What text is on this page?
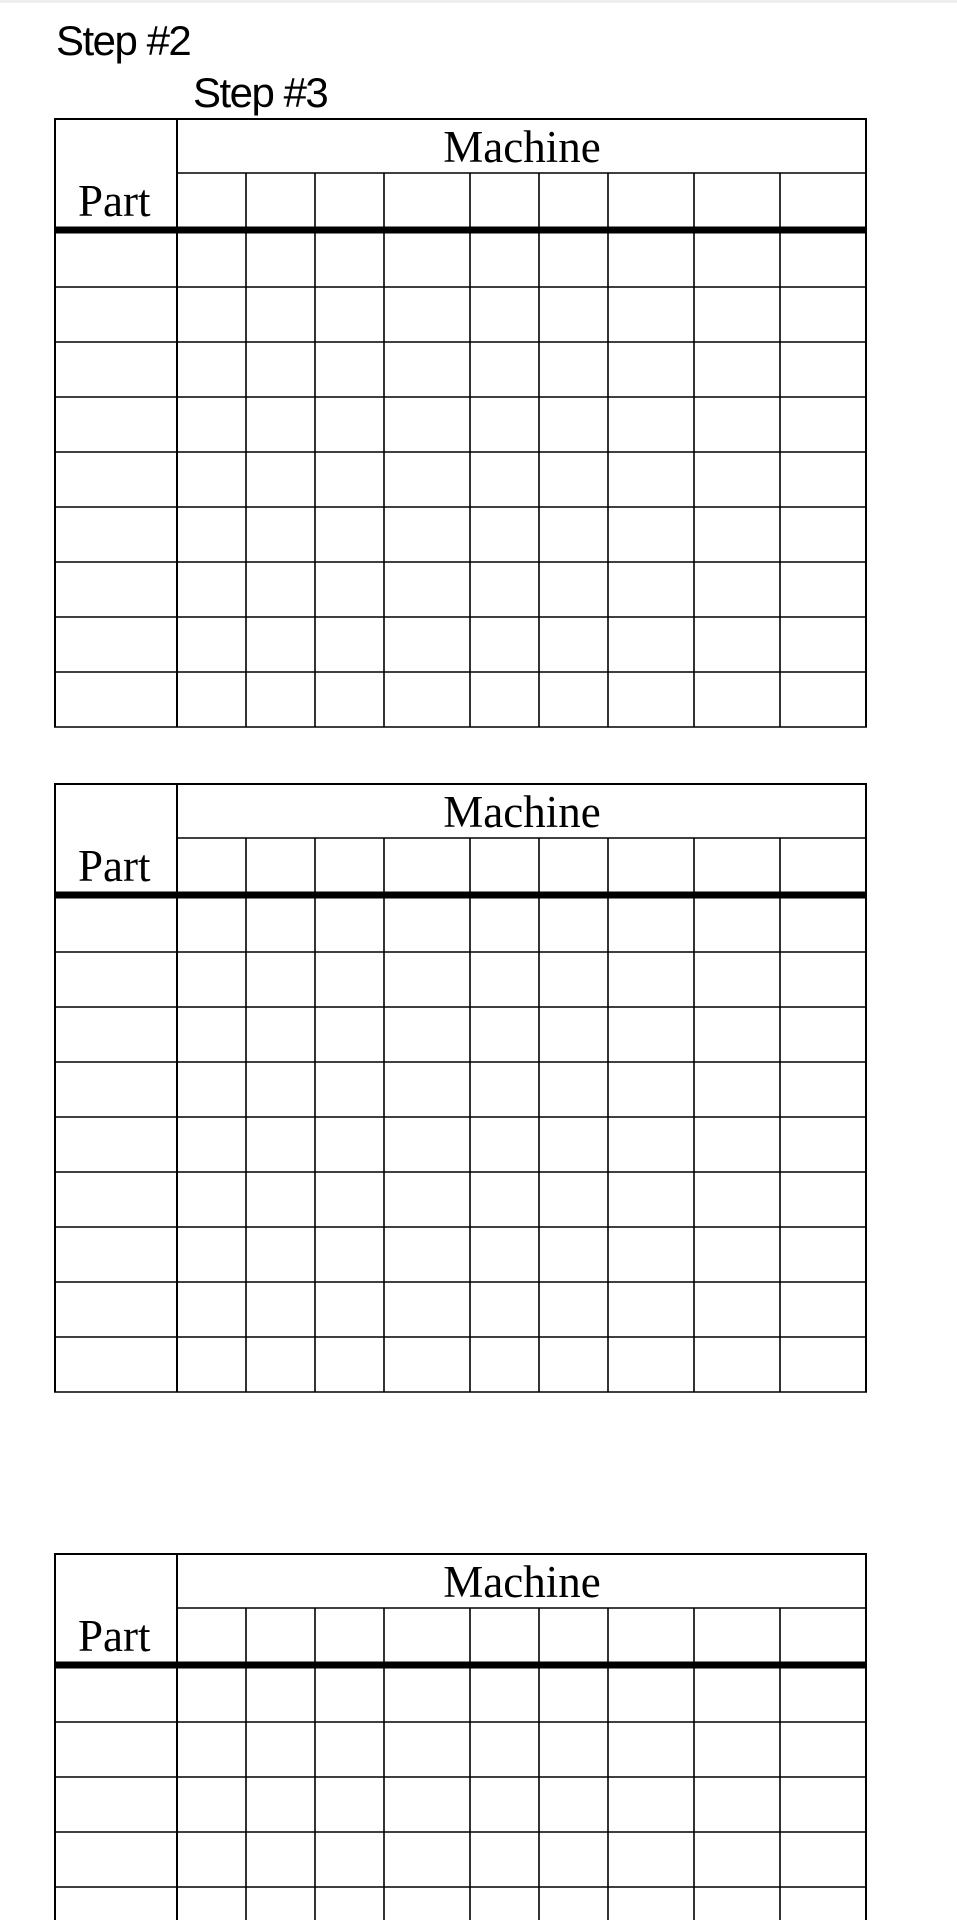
Step #2
Step #3
Machine
Part
Machine
Part
Machine
Part
